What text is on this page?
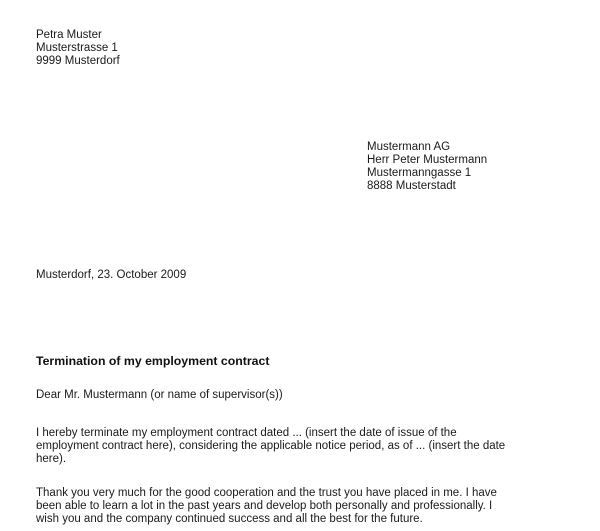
Petra Muster
Musterstrasse 1
9999 Musterdorf
Mustermann AG
Herr Peter Mustermann
Mustermanngasse 1
8888 Musterstadt
Musterdorf, 23. October 2009
Termination of my employment contract
Dear Mr. Mustermann (or name of supervisor(s))
I hereby terminate my employment contract dated ... (insert the date of issue of the
employment contract here), considering the applicable notice period, as of ... (insert the date
here).
Thank you very much for the good cooperation and the trust you have placed in me. I have
been able to learn a lot in the past years and develop both personally and professionally. I
wish you and the company continued success and all the best for the future.
